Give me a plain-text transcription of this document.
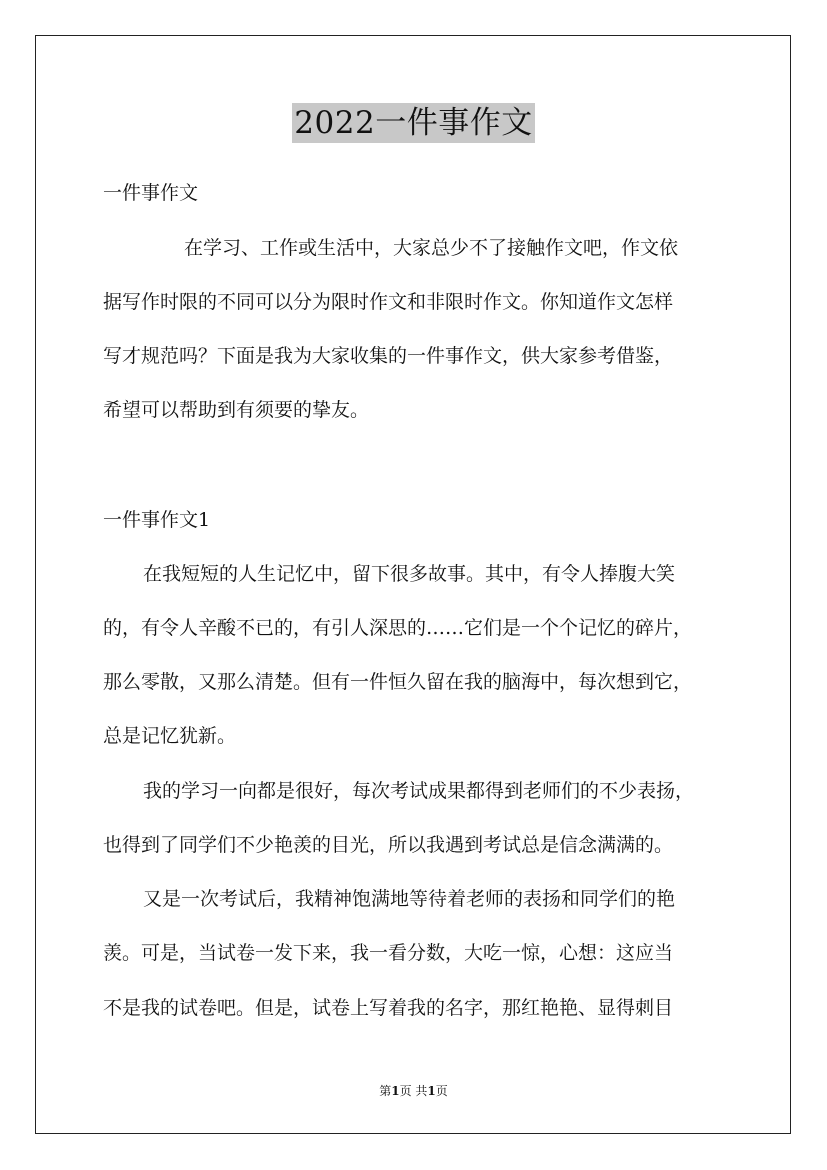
2022一件事作文
一件事作文
在学习、工作或生活中，大家总少不了接触作文吧，作文依
据写作时限的不同可以分为限时作文和非限时作文。你知道作文怎样
写才规范吗？下面是我为大家收集的一件事作文，供大家参考借鉴，
希望可以帮助到有须要的挚友。
一件事作文1
在我短短的人生记忆中，留下很多故事。其中，有令人捧腹大笑
的，有令人辛酸不已的，有引人深思的……它们是一个个记忆的碎片，
那么零散，又那么清楚。但有一件恒久留在我的脑海中，每次想到它，
总是记忆犹新。
我的学习一向都是很好，每次考试成果都得到老师们的不少表扬，
也得到了同学们不少艳羡的目光，所以我遇到考试总是信念满满的。
又是一次考试后，我精神饱满地等待着老师的表扬和同学们的艳
羡。可是，当试卷一发下来，我一看分数，大吃一惊，心想：这应当
不是我的试卷吧。但是，试卷上写着我的名字，那红艳艳、显得刺目
第1页 共1页
